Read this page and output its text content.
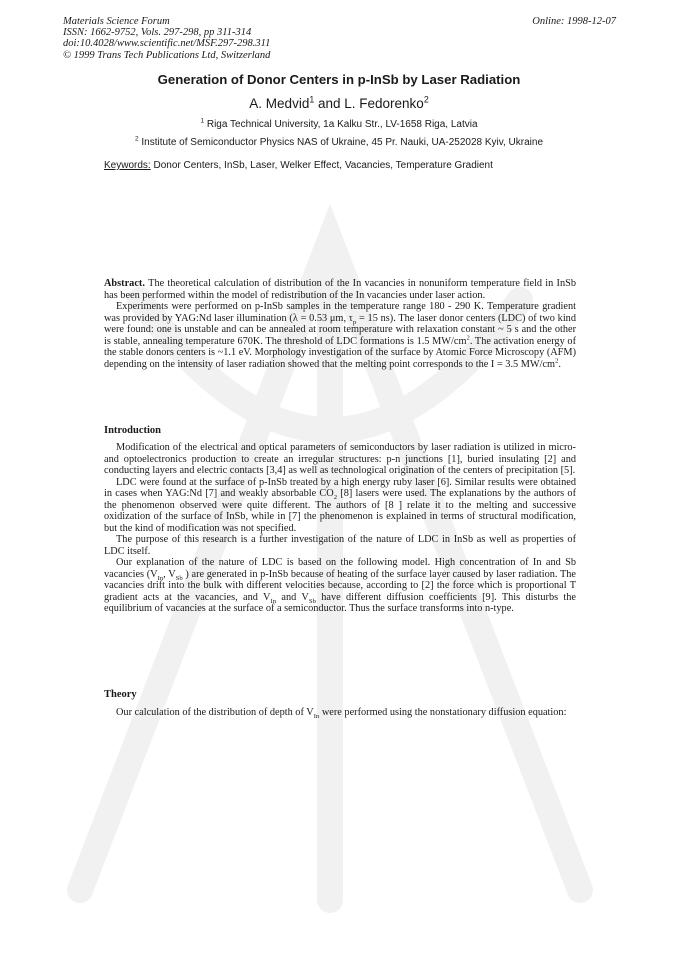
Materials Science Forum
ISSN: 1662-9752, Vols. 297-298, pp 311-314
doi:10.4028/www.scientific.net/MSF.297-298.311
© 1999 Trans Tech Publications Ltd, Switzerland
Online: 1998-12-07
Generation of Donor Centers in p-InSb by Laser Radiation
A. Medvid$^1$ and L. Fedorenko$^2$
$^1$ Riga Technical University, 1a Kalku Str., LV-1658 Riga, Latvia
$^2$ Institute of Semiconductor Physics NAS of Ukraine, 45 Pr. Nauki, UA-252028 Kyiv, Ukraine
Keywords: Donor Centers, InSb, Laser, Welker Effect, Vacancies, Temperature Gradient

Abstract. The theoretical calculation of distribution of the In vacancies in nonuniform temperature field in InSb has been performed within the model of redistribution of the In vacancies under laser action.

Experiments were performed on p-InSb samples in the temperature range 180 - 290 K. Temperature gradient was provided by YAG:Nd laser illumination (λ = 0.53 μm, $\tau_p = 15$ ns). The laser donor centers (LDC) of two kind were found: one is unstable and can be annealed at room temperature with relaxation constant ~ 5 s and the other is stable, annealing temperature 670K. The threshold of LDC formations is 1.5 $MW/cm^2$. The activation energy of the stable donors centers is ~1.1 eV. Morphology investigation of the surface by Atomic Force Microscopy (AFM) depending on the intensity of laser radiation showed that the melting point corresponds to the I = 3.5 $MW/cm^2$.

Introduction

Modification of the electrical and optical parameters of semiconductors by laser radiation is utilized in micro- and optoelectronics production to create an irregular structures: p-n junctions [1], buried insulating [2] and conducting layers and electric contacts [3,4] as well as technological origination of the centers of precipitation [5].

LDC were found at the surface of p-InSb treated by a high energy ruby laser [6]. Similar results were obtained in cases when YAG:Nd [7] and weakly absorbable $CO_2$ [8] lasers were used. The explanations by the authors of the phenomenon observed were quite different. The authors of [8 ] relate it to the melting and successive oxidization of the surface of InSb, while in [7] the phenomenon is explained in terms of structural modification, but the kind of modification was not specified.

The purpose of this research is a further investigation of the nature of LDC in InSb as well as properties of LDC itself.

Our explanation of the nature of LDC is based on the following model. High concentration of In and Sb vacancies ($V_{In}$, $V_{Sb}$ ) are generated in p-InSb because of heating of the surface layer caused by laser radiation. The vacancies drift into the bulk with different velocities because, according to [2] the force which is proportional T gradient acts at the vacancies, and $V_{In}$ and $V_{Sb}$ have different diffusion coefficients [9]. This disturbs the equilibrium of vacancies at the surface of a semiconductor. Thus the surface transforms into n-type.

Theory

Our calculation of the distribution of depth of $V_{In}$ were performed using the nonstationary diffusion equation:
